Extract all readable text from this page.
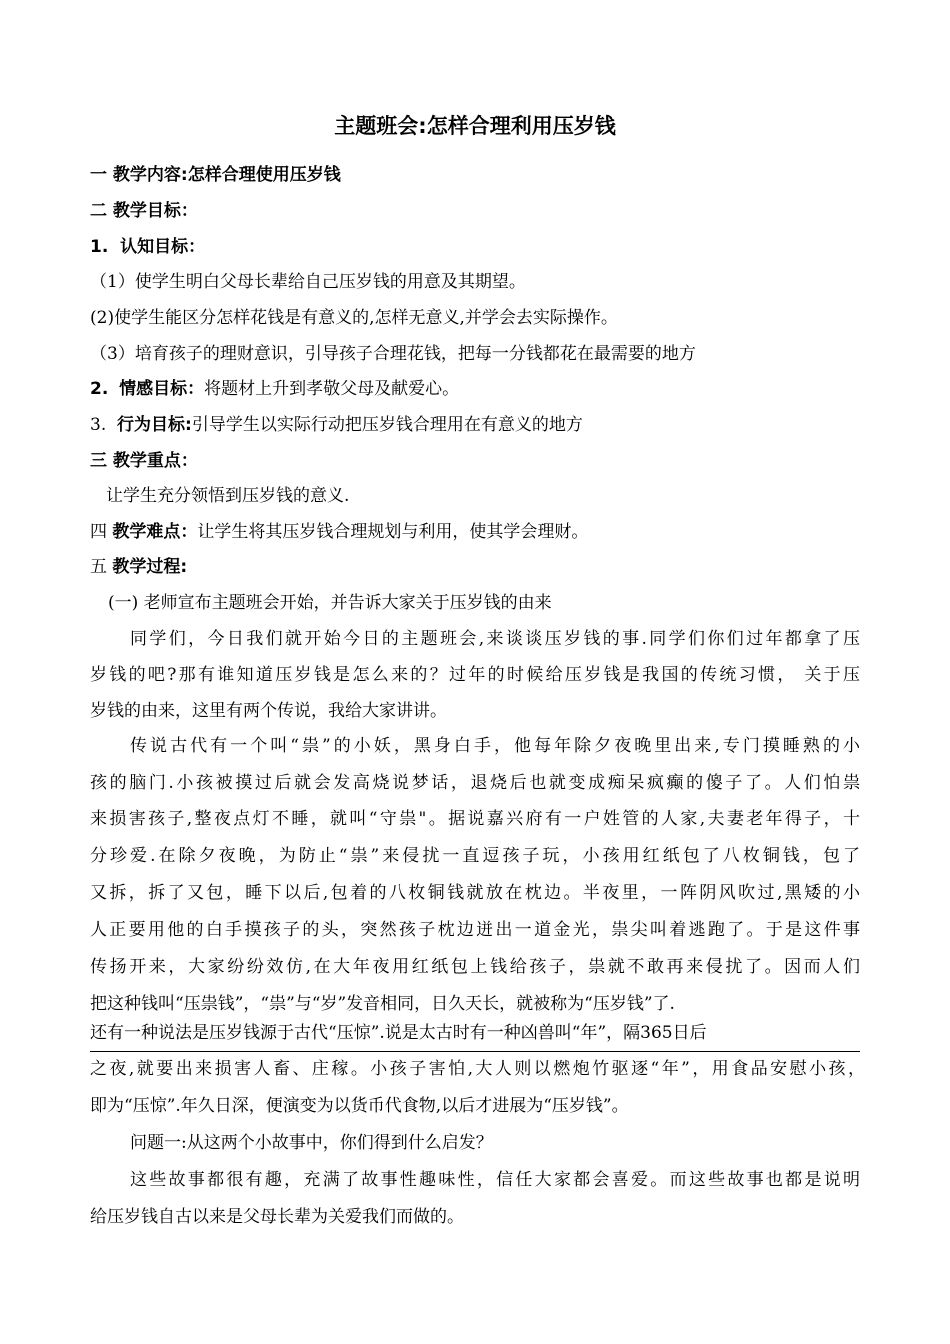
主题班会:怎样合理利用压岁钱
一 教学内容:怎样合理使用压岁钱
二 教学目标：
1. 认知目标：
（1）使学生明白父母长辈给自己压岁钱的用意及其期望。
(2)使学生能区分怎样花钱是有意义的,怎样无意义,并学会去实际操作。
（3）培育孩子的理财意识，引导孩子合理花钱，把每一分钱都花在最需要的地方
2. 情感目标：将题材上升到孝敬父母及献爱心。
3. 行为目标:引导学生以实际行动把压岁钱合理用在有意义的地方
三 教学重点：
让学生充分领悟到压岁钱的意义.
四 教学难点：让学生将其压岁钱合理规划与利用，使其学会理财。
五 教学过程:
(一) 老师宣布主题班会开始，并告诉大家关于压岁钱的由来
同学们，今日我们就开始今日的主题班会,来谈谈压岁钱的事.同学们你们过年都拿了压
岁钱的吧?那有谁知道压岁钱是怎么来的？过年的时候给压岁钱是我国的传统习惯， 关于压
岁钱的由来，这里有两个传说，我给大家讲讲。
传说古代有一个叫“祟”的小妖，黑身白手，他每年除夕夜晚里出来,专门摸睡熟的小
孩的脑门.小孩被摸过后就会发高烧说梦话，退烧后也就变成痴呆疯癫的傻子了。人们怕祟
来损害孩子,整夜点灯不睡，就叫“守祟"。据说嘉兴府有一户姓管的人家,夫妻老年得子，十
分珍爱.在除夕夜晚，为防止“祟”来侵扰一直逗孩子玩，小孩用红纸包了八枚铜钱，包了
又拆，拆了又包，睡下以后,包着的八枚铜钱就放在枕边。半夜里，一阵阴风吹过,黑矮的小
人正要用他的白手摸孩子的头，突然孩子枕边迸出一道金光，祟尖叫着逃跑了。于是这件事
传扬开来，大家纷纷效仿,在大年夜用红纸包上钱给孩子，祟就不敢再来侵扰了。因而人们
把这种钱叫“压祟钱”，“祟”与“岁”发音相同，日久天长，就被称为“压岁钱”了.
还有一种说法是压岁钱源于古代“压惊”.说是太古时有一种凶兽叫“年”，隔365日后
之夜,就要出来损害人畜、庄稼。小孩子害怕,大人则以燃炮竹驱逐“年”，用食品安慰小孩，
即为“压惊”.年久日深，便演变为以货币代食物,以后才进展为“压岁钱”。
问题一:从这两个小故事中，你们得到什么启发？
这些故事都很有趣，充满了故事性趣味性，信任大家都会喜爱。而这些故事也都是说明
给压岁钱自古以来是父母长辈为关爱我们而做的。
